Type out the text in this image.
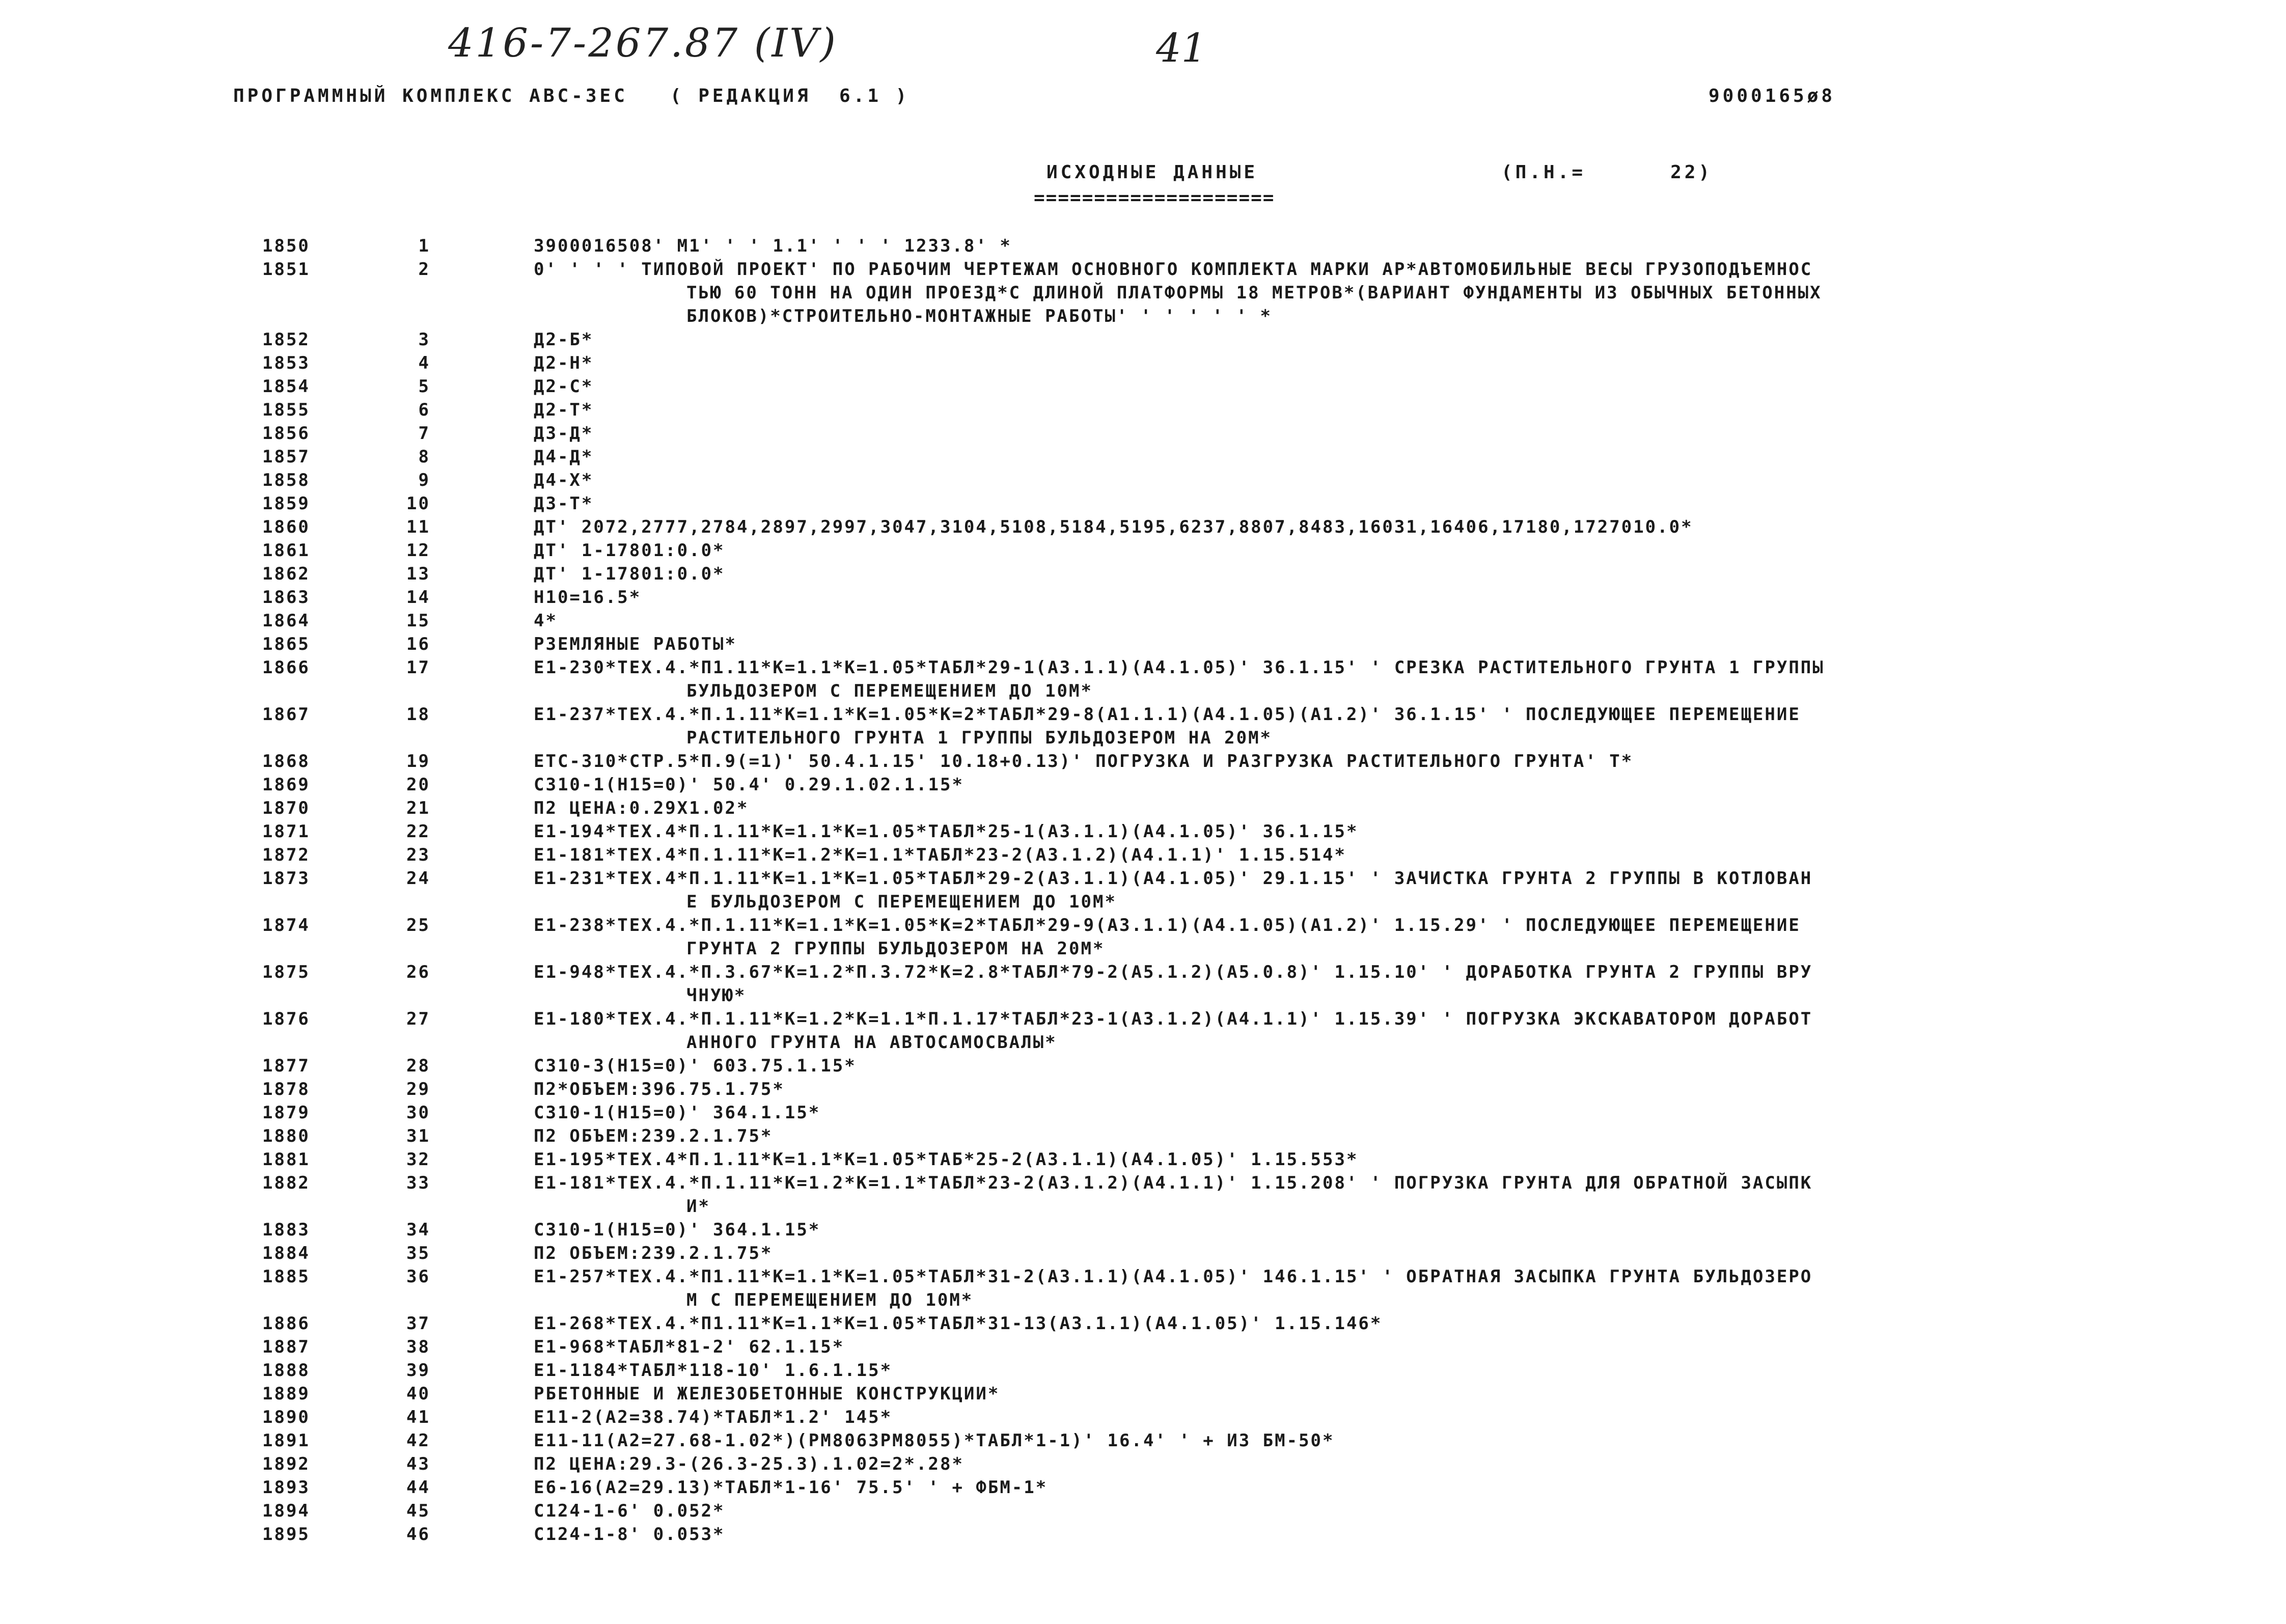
416-7-267.87 (IV)	41
ПРОГРАММНЫЙ КОМПЛЕКС АВС-ЗЕС   ( РЕДАКЦИЯ  6.1 )	9000165ø8
ИСХОДНЫЕ ДАННЫЕ	(П.Н.=      22)
====================
1850	1	3900016508' M1' ' ' 1.1' ' ' ' 1233.8' *
1851	2	0' ' ' ' ТИПОВОЙ ПРОЕКТ' ПО РАБОЧИМ ЧЕРТЕЖАМ ОСНОВНОГО КОМПЛЕКТА МАРКИ АР*АВТОМОБИЛЬНЫЕ ВЕСЫ ГРУЗОПОДЪЕМНОС
ТЬЮ 60 ТОНН НА ОДИН ПРОЕЗД*С ДЛИНОЙ ПЛАТФОРМЫ 18 МЕТРОВ*(ВАРИАНТ ФУНДАМЕНТЫ ИЗ ОБЫЧНЫХ БЕТОННЫХ
БЛОКОВ)*СТРОИТЕЛЬНО-МОНТАЖНЫЕ РАБОТЫ' ' ' ' ' ' *
1852	3	Д2-Б*
1853	4	Д2-Н*
1854	5	Д2-С*
1855	6	Д2-Т*
1856	7	Д3-Д*
1857	8	Д4-Д*
1858	9	Д4-Х*
1859	10	Д3-Т*
1860	11	ДТ' 2072,2777,2784,2897,2997,3047,3104,5108,5184,5195,6237,8807,8483,16031,16406,17180,1727010.0*
1861	12	ДТ' 1-17801:0.0*
1862	13	ДТ' 1-17801:0.0*
1863	14	Н10=16.5*
1864	15	4*
1865	16	РЗЕМЛЯНЫЕ РАБОТЫ*
1866	17	Е1-230*ТЕХ.4.*П1.11*К=1.1*К=1.05*ТАБЛ*29-1(А3.1.1)(А4.1.05)' 36.1.15' ' СРЕЗКА РАСТИТЕЛЬНОГО ГРУНТА 1 ГРУППЫ
БУЛЬДОЗЕРОМ С ПЕРЕМЕЩЕНИЕМ ДО 10М*
1867	18	Е1-237*ТЕХ.4.*П.1.11*К=1.1*К=1.05*К=2*ТАБЛ*29-8(А1.1.1)(А4.1.05)(А1.2)' 36.1.15' ' ПОСЛЕДУЮЩЕЕ ПЕРЕМЕЩЕНИЕ
РАСТИТЕЛЬНОГО ГРУНТА 1 ГРУППЫ БУЛЬДОЗЕРОМ НА 20М*
1868	19	ЕТС-310*СТР.5*П.9(=1)' 50.4.1.15' 10.18+0.13)' ПОГРУЗКА И РАЗГРУЗКА РАСТИТЕЛЬНОГО ГРУНТА' Т*
1869	20	С310-1(Н15=0)' 50.4' 0.29.1.02.1.15*
1870	21	П2 ЦЕНА:0.29Х1.02*
1871	22	Е1-194*ТЕХ.4*П.1.11*К=1.1*К=1.05*ТАБЛ*25-1(А3.1.1)(А4.1.05)' 36.1.15*
1872	23	Е1-181*ТЕХ.4*П.1.11*К=1.2*К=1.1*ТАБЛ*23-2(А3.1.2)(А4.1.1)' 1.15.514*
1873	24	Е1-231*ТЕХ.4*П.1.11*К=1.1*К=1.05*ТАБЛ*29-2(А3.1.1)(А4.1.05)' 29.1.15' ' ЗАЧИСТКА ГРУНТА 2 ГРУППЫ В КОТЛОВАН
Е БУЛЬДОЗЕРОМ С ПЕРЕМЕЩЕНИЕМ ДО 10М*
1874	25	Е1-238*ТЕХ.4.*П.1.11*К=1.1*К=1.05*К=2*ТАБЛ*29-9(А3.1.1)(А4.1.05)(А1.2)' 1.15.29' ' ПОСЛЕДУЮЩЕЕ ПЕРЕМЕЩЕНИЕ
ГРУНТА 2 ГРУППЫ БУЛЬДОЗЕРОМ НА 20М*
1875	26	Е1-948*ТЕХ.4.*П.3.67*К=1.2*П.3.72*К=2.8*ТАБЛ*79-2(А5.1.2)(А5.0.8)' 1.15.10' ' ДОРАБОТКА ГРУНТА 2 ГРУППЫ ВРУ
ЧНУЮ*
1876	27	Е1-180*ТЕХ.4.*П.1.11*К=1.2*К=1.1*П.1.17*ТАБЛ*23-1(А3.1.2)(А4.1.1)' 1.15.39' ' ПОГРУЗКА ЭКСКАВАТОРОМ ДОРАБОТ
АННОГО ГРУНТА НА АВТОСАМОСВАЛЫ*
1877	28	С310-3(Н15=0)' 603.75.1.15*
1878	29	П2*ОБЪЕМ:396.75.1.75*
1879	30	С310-1(Н15=0)' 364.1.15*
1880	31	П2 ОБЪЕМ:239.2.1.75*
1881	32	Е1-195*ТЕХ.4*П.1.11*К=1.1*К=1.05*ТАБ*25-2(А3.1.1)(А4.1.05)' 1.15.553*
1882	33	Е1-181*ТЕХ.4.*П.1.11*К=1.2*К=1.1*ТАБЛ*23-2(А3.1.2)(А4.1.1)' 1.15.208' ' ПОГРУЗКА ГРУНТА ДЛЯ ОБРАТНОЙ ЗАСЫПК
И*
1883	34	С310-1(Н15=0)' 364.1.15*
1884	35	П2 ОБЪЕМ:239.2.1.75*
1885	36	Е1-257*ТЕХ.4.*П1.11*К=1.1*К=1.05*ТАБЛ*31-2(А3.1.1)(А4.1.05)' 146.1.15' ' ОБРАТНАЯ ЗАСЫПКА ГРУНТА БУЛЬДОЗЕРО
М С ПЕРЕМЕЩЕНИЕМ ДО 10М*
1886	37	Е1-268*ТЕХ.4.*П1.11*К=1.1*К=1.05*ТАБЛ*31-13(А3.1.1)(А4.1.05)' 1.15.146*
1887	38	Е1-968*ТАБЛ*81-2' 62.1.15*
1888	39	Е1-1184*ТАБЛ*118-10' 1.6.1.15*
1889	40	РБЕТОННЫЕ И ЖЕЛЕЗОБЕТОННЫЕ КОНСТРУКЦИИ*
1890	41	Е11-2(А2=38.74)*ТАБЛ*1.2' 145*
1891	42	Е11-11(А2=27.68-1.02*)(РМ8063РМ8055)*ТАБЛ*1-1)' 16.4' ' + ИЗ БМ-50*
1892	43	П2 ЦЕНА:29.3-(26.3-25.3).1.02=2*.28*
1893	44	Е6-16(А2=29.13)*ТАБЛ*1-16' 75.5' ' + ФБМ-1*
1894	45	С124-1-6' 0.052*
1895	46	С124-1-8' 0.053*
